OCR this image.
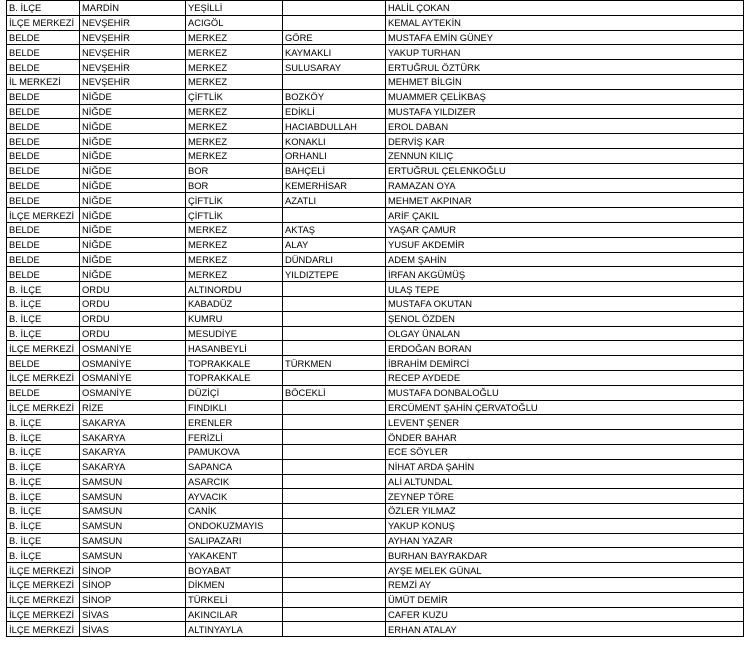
B. İLÇE	MARDİN	YEŞİLLİ		HALİL ÇOKAN
İLÇE MERKEZİ	NEVŞEHİR	ACIGÖL		KEMAL AYTEKİN
BELDE	NEVŞEHİR	MERKEZ	GÖRE	MUSTAFA EMİN GÜNEY
BELDE	NEVŞEHİR	MERKEZ	KAYMAKLI	YAKUP TURHAN
BELDE	NEVŞEHİR	MERKEZ	SULUSARAY	ERTUĞRUL ÖZTÜRK
İL MERKEZİ	NEVŞEHİR	MERKEZ		MEHMET BİLGİN
BELDE	NİĞDE	ÇİFTLİK	BOZKÖY	MUAMMER ÇELİKBAŞ
BELDE	NİĞDE	MERKEZ	EDİKLİ	MUSTAFA YILDIZER
BELDE	NİĞDE	MERKEZ	HACIABDULLAH	EROL DABAN
BELDE	NİĞDE	MERKEZ	KONAKLI	DERVİŞ KAR
BELDE	NİĞDE	MERKEZ	ORHANLI	ZENNUN KILIÇ
BELDE	NİĞDE	BOR	BAHÇELİ	ERTUĞRUL ÇELENKOĞLU
BELDE	NİĞDE	BOR	KEMERHİSAR	RAMAZAN OYA
BELDE	NİĞDE	ÇİFTLİK	AZATLI	MEHMET AKPINAR
İLÇE MERKEZİ	NİĞDE	ÇİFTLİK		ARİF ÇAKIL
BELDE	NİĞDE	MERKEZ	AKTAŞ	YAŞAR ÇAMUR
BELDE	NİĞDE	MERKEZ	ALAY	YUSUF AKDEMİR
BELDE	NİĞDE	MERKEZ	DÜNDARLI	ADEM ŞAHİN
BELDE	NİĞDE	MERKEZ	YILDIZTEPE	İRFAN AKGÜMÜŞ
B. İLÇE	ORDU	ALTINORDU		ULAŞ TEPE
B. İLÇE	ORDU	KABADÜZ		MUSTAFA OKUTAN
B. İLÇE	ORDU	KUMRU		ŞENOL ÖZDEN
B. İLÇE	ORDU	MESUDİYE		OLGAY ÜNALAN
İLÇE MERKEZİ	OSMANİYE	HASANBEYLİ		ERDOĞAN BORAN
BELDE	OSMANİYE	TOPRAKKALE	TÜRKMEN	İBRAHİM DEMİRCİ
İLÇE MERKEZİ	OSMANİYE	TOPRAKKALE		RECEP AYDEDE
BELDE	OSMANİYE	DÜZİÇİ	BÖCEKLİ	MUSTAFA DONBALOĞLU
İLÇE MERKEZİ	RİZE	FINDIKLI		ERCÜMENT ŞAHİN ÇERVATOĞLU
B. İLÇE	SAKARYA	ERENLER		LEVENT ŞENER
B. İLÇE	SAKARYA	FERİZLİ		ÖNDER BAHAR
B. İLÇE	SAKARYA	PAMUKOVA		ECE SÖYLER
B. İLÇE	SAKARYA	SAPANCA		NİHAT ARDA ŞAHİN
B. İLÇE	SAMSUN	ASARCIK		ALİ ALTUNDAL
B. İLÇE	SAMSUN	AYVACIK		ZEYNEP TÖRE
B. İLÇE	SAMSUN	CANİK		ÖZLER YILMAZ
B. İLÇE	SAMSUN	ONDOKUZMAYIS		YAKUP KONUŞ
B. İLÇE	SAMSUN	SALIPAZARI		AYHAN YAZAR
B. İLÇE	SAMSUN	YAKAKENT		BURHAN BAYRAKDAR
İLÇE MERKEZİ	SİNOP	BOYABAT		AYŞE MELEK GÜNAL
İLÇE MERKEZİ	SİNOP	DİKMEN		REMZİ AY
İLÇE MERKEZİ	SİNOP	TÜRKELİ		ÜMÜT DEMİR
İLÇE MERKEZİ	SİVAS	AKINCILAR		CAFER KUZU
İLÇE MERKEZİ	SİVAS	ALTINYAYLA		ERHAN ATALAY
